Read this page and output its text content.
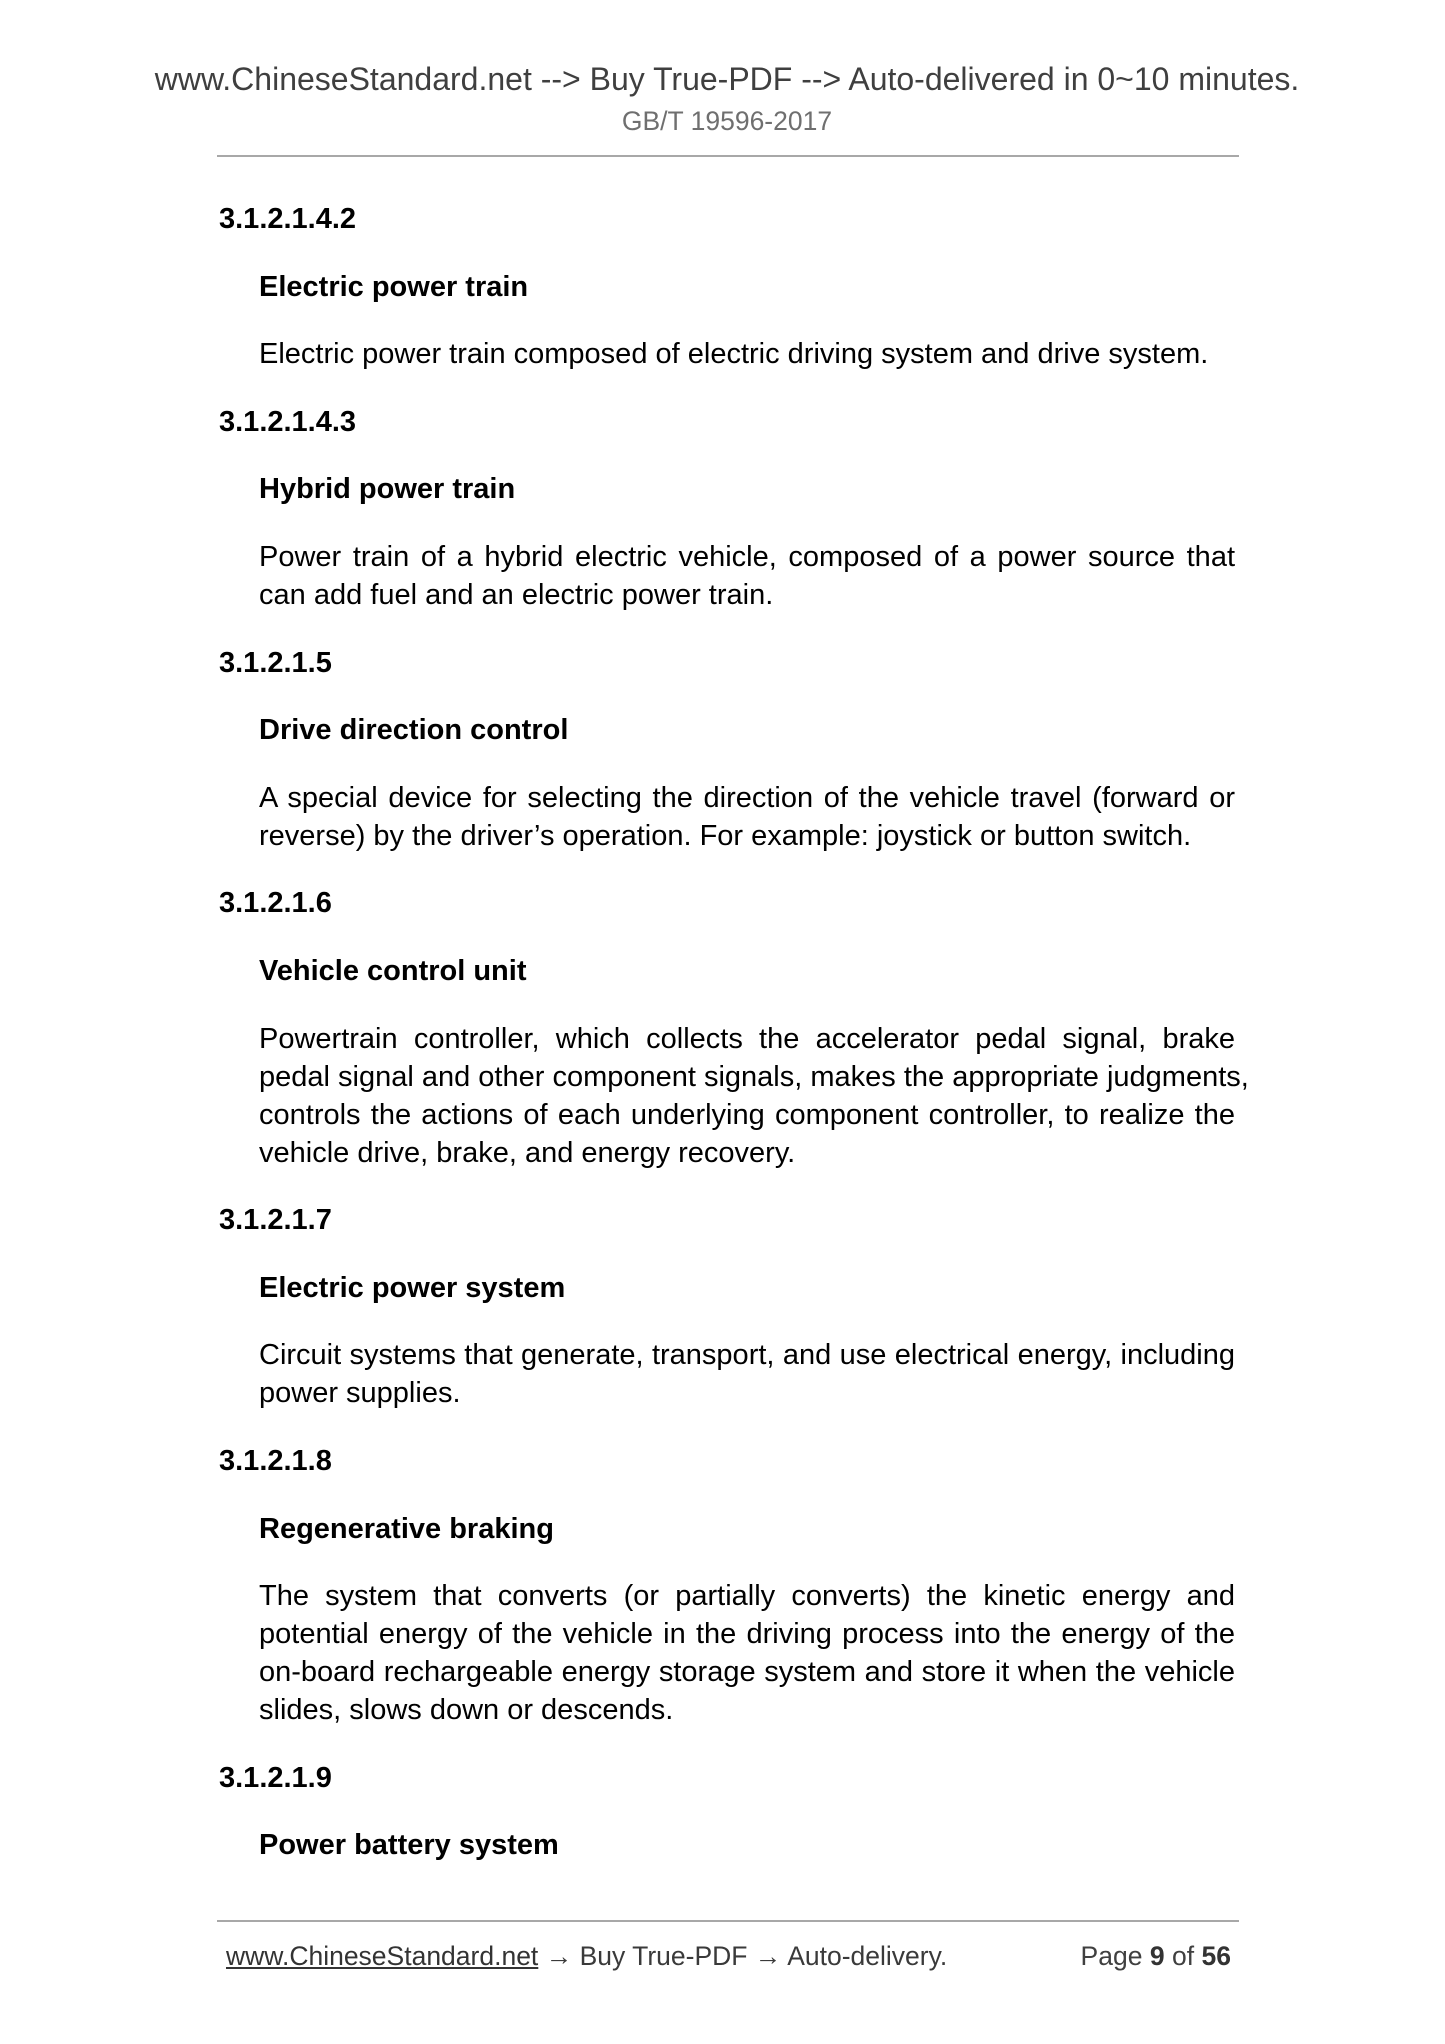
www.ChineseStandard.net --> Buy True-PDF --> Auto-delivered in 0~10 minutes.
GB/T 19596-2017
3.1.2.1.4.2
Electric power train
Electric power train composed of electric driving system and drive system.
3.1.2.1.4.3
Hybrid power train
Power train of a hybrid electric vehicle, composed of a power source that
can add fuel and an electric power train.
3.1.2.1.5
Drive direction control
A special device for selecting the direction of the vehicle travel (forward or
reverse) by the driver’s operation. For example: joystick or button switch.
3.1.2.1.6
Vehicle control unit
Powertrain controller, which collects the accelerator pedal signal, brake
pedal signal and other component signals, makes the appropriate judgments,
controls the actions of each underlying component controller, to realize the
vehicle drive, brake, and energy recovery.
3.1.2.1.7
Electric power system
Circuit systems that generate, transport, and use electrical energy, including
power supplies.
3.1.2.1.8
Regenerative braking
The system that converts (or partially converts) the kinetic energy and
potential energy of the vehicle in the driving process into the energy of the
on-board rechargeable energy storage system and store it when the vehicle
slides, slows down or descends.
3.1.2.1.9
Power battery system
www.ChineseStandard.net → Buy True-PDF → Auto-delivery.	Page 9 of 56
